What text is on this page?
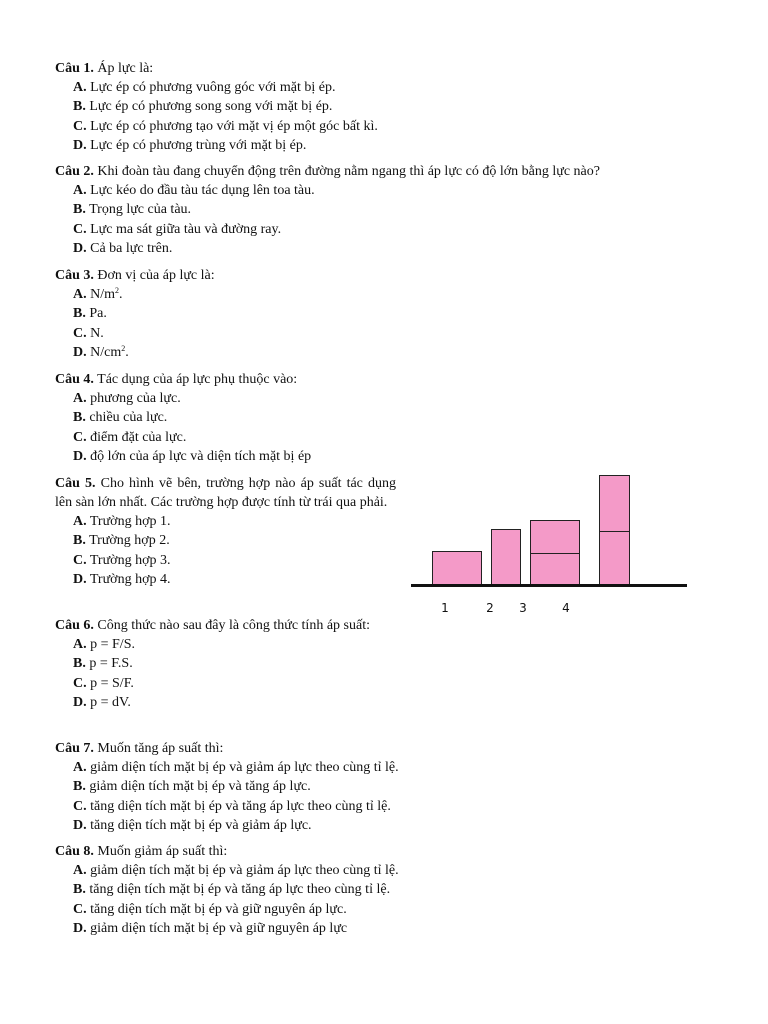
Câu 1. Áp lực là:

A. Lực ép có phương vuông góc với mặt bị ép.
B. Lực ép có phương song song với mặt bị ép.
C. Lực ép có phương tạo với mặt vị ép một góc bất kì.
D. Lực ép có phương trùng với mặt bị ép.

Câu 2. Khi đoàn tàu đang chuyển động trên đường nằm ngang thì áp lực có độ lớn bằng lực nào?

A. Lực kéo do đầu tàu tác dụng lên toa tàu.
B. Trọng lực của tàu.
C. Lực ma sát giữa tàu và đường ray.
D. Cả ba lực trên.

Câu 3. Đơn vị của áp lực là:

A. $N/m^2$.
B. Pa.
C. N.
D. $N/cm^2$.

Câu 4. Tác dụng của áp lực phụ thuộc vào:

A. phương của lực.
B. chiều của lực.
C. điểm đặt của lực.
D. độ lớn của áp lực và diện tích mặt bị ép

Câu 5. Cho hình vẽ bên, trường hợp nào áp suất tác dụng lên sàn lớn nhất. Các trường hợp được tính từ trái qua phải.

A. Trường hợp 1.
B. Trường hợp 2.
C. Trường hợp 3.
D. Trường hợp 4.
1	2 3	4

Câu 6. Công thức nào sau đây là công thức tính áp suất:

A. p = F/S.
B. p = F.S.
C. p = S/F.
D. p = dV.

Câu 7. Muốn tăng áp suất thì:

A. giảm diện tích mặt bị ép và giảm áp lực theo cùng tỉ lệ.
B. giảm diện tích mặt bị ép và tăng áp lực.
C. tăng diện tích mặt bị ép và tăng áp lực theo cùng tỉ lệ.
D. tăng diện tích mặt bị ép và giảm áp lực.

Câu 8. Muốn giảm áp suất thì:

A. giảm diện tích mặt bị ép và giảm áp lực theo cùng tỉ lệ.
B. tăng diện tích mặt bị ép và tăng áp lực theo cùng tỉ lệ.
C. tăng diện tích mặt bị ép và giữ nguyên áp lực.
D. giảm diện tích mặt bị ép và giữ nguyên áp lực
